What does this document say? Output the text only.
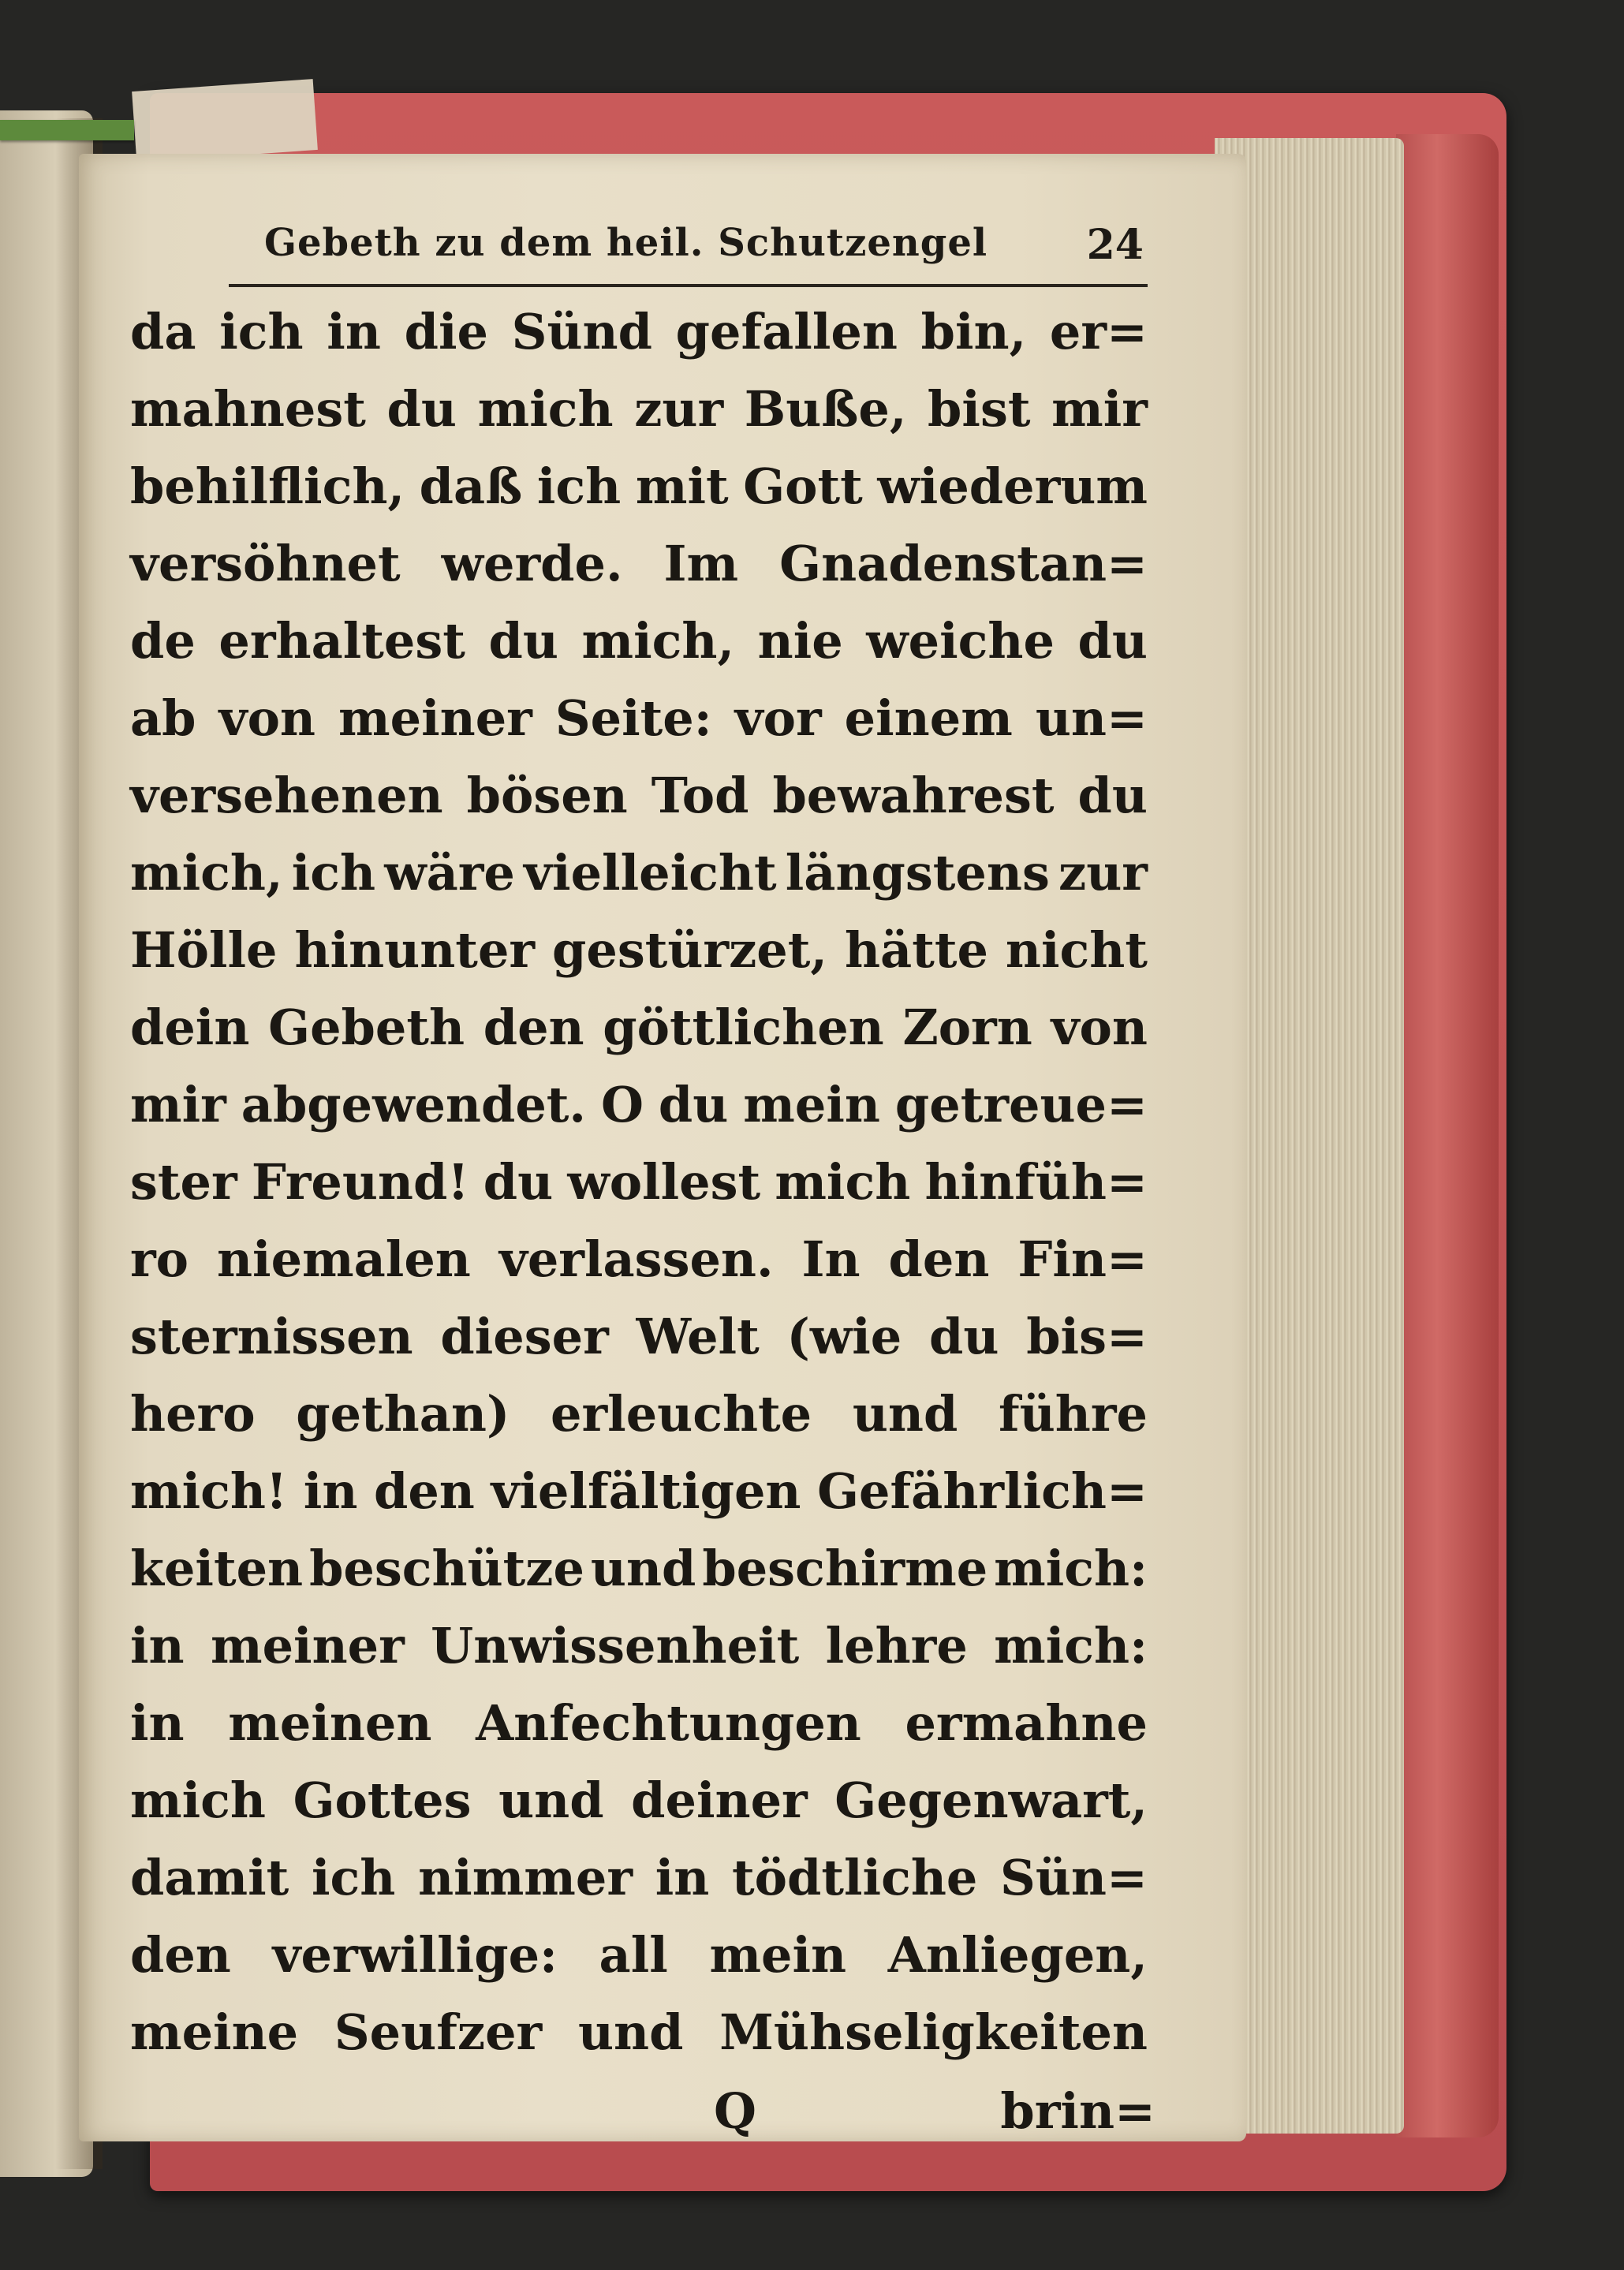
Gebeth zu dem heil. Schutzengel 24
da ich in die Sünd gefallen bin, er=
mahnest du mich zur Buße, bist mir
behilflich, daß ich mit Gott wiederum
versöhnet werde. Im Gnadenstan=
de erhaltest du mich, nie weiche du
ab von meiner Seite: vor einem un=
versehenen bösen Tod bewahrest du
mich, ich wäre vielleicht längstens zur
Hölle hinunter gestürzet, hätte nicht
dein Gebeth den göttlichen Zorn von
mir abgewendet. O du mein getreue=
ster Freund! du wollest mich hinfüh=
ro niemalen verlassen. In den Fin=
sternissen dieser Welt (wie du bis=
hero gethan) erleuchte und führe
mich! in den vielfältigen Gefährlich=
keiten beschütze und beschirme mich:
in meiner Unwissenheit lehre mich:
in meinen Anfechtungen ermahne
mich Gottes und deiner Gegenwart,
damit ich nimmer in tödtliche Sün=
den verwillige: all mein Anliegen,
meine Seufzer und Mühseligkeiten
Q	brin=
